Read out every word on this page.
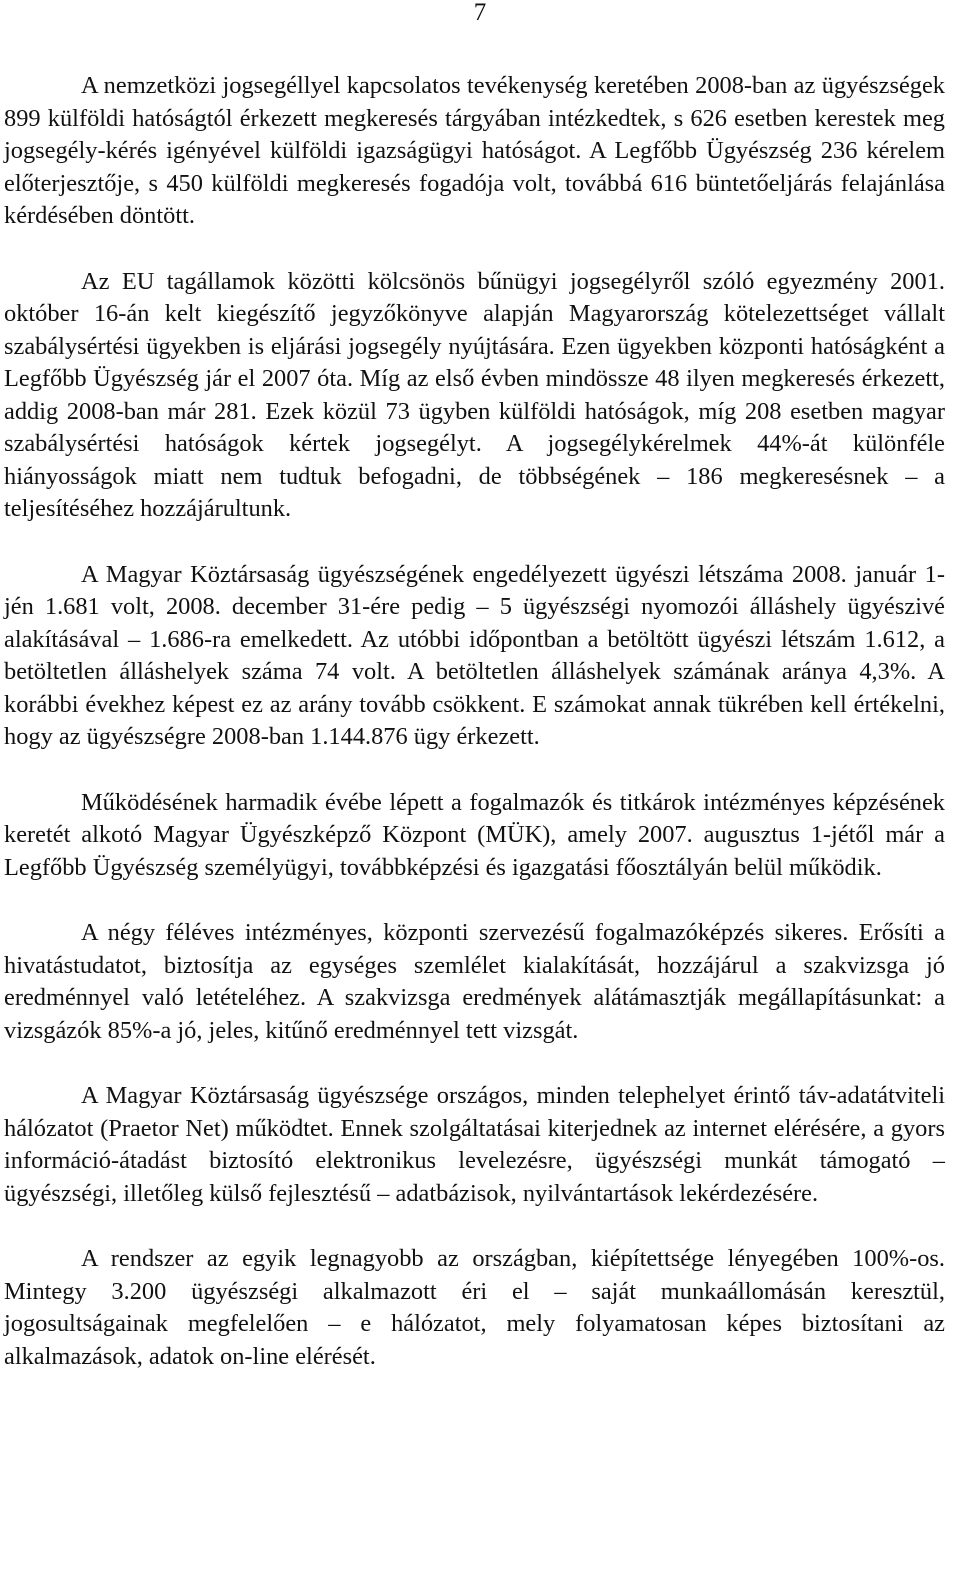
7

A nemzetközi jogsegéllyel kapcsolatos tevékenység keretében 2008-ban az ügyészségek 899 külföldi hatóságtól érkezett megkeresés tárgyában intézkedtek, s 626 esetben kerestek meg jogsegély-kérés igényével külföldi igazságügyi hatóságot. A Legfőbb Ügyészség 236 kérelem előterjesztője, s 450 külföldi megkeresés fogadója volt, továbbá 616 büntetőeljárás felajánlása kérdésében döntött.

Az EU tagállamok közötti kölcsönös bűnügyi jogsegélyről szóló egyezmény 2001. október 16-án kelt kiegészítő jegyzőkönyve alapján Magyarország kötelezettséget vállalt szabálysértési ügyekben is eljárási jogsegély nyújtására. Ezen ügyekben központi hatóságként a Legfőbb Ügyészség jár el 2007 óta. Míg az első évben mindössze 48 ilyen megkeresés érkezett, addig 2008-ban már 281. Ezek közül 73 ügyben külföldi hatóságok, míg 208 esetben magyar szabálysértési hatóságok kértek jogsegélyt. A jogsegélykérelmek 44%-át különféle hiányosságok miatt nem tudtuk befogadni, de többségének – 186 megkeresésnek – a teljesítéséhez hozzájárultunk.

A Magyar Köztársaság ügyészségének engedélyezett ügyészi létszáma 2008. január 1-jén 1.681 volt, 2008. december 31-ére pedig – 5 ügyészségi nyomozói álláshely ügyészivé alakításával – 1.686-ra emelkedett. Az utóbbi időpontban a betöltött ügyészi létszám 1.612, a betöltetlen álláshelyek száma 74 volt. A betöltetlen álláshelyek számának aránya 4,3%. A korábbi évekhez képest ez az arány tovább csökkent. E számokat annak tükrében kell értékelni, hogy az ügyészségre 2008-ban 1.144.876 ügy érkezett.

Működésének harmadik évébe lépett a fogalmazók és titkárok intézményes képzésének keretét alkotó Magyar Ügyészképző Központ (MÜK), amely 2007. augusztus 1-jétől már a Legfőbb Ügyészség személyügyi, továbbképzési és igazgatási főosztályán belül működik.

A négy féléves intézményes, központi szervezésű fogalmazóképzés sikeres. Erősíti a hivatástudatot, biztosítja az egységes szemlélet kialakítását, hozzájárul a szakvizsga jó eredménnyel való letételéhez. A szakvizsga eredmények alátámasztják megállapításunkat: a vizsgázók 85%-a jó, jeles, kitűnő eredménnyel tett vizsgát.

A Magyar Köztársaság ügyészsége országos, minden telephelyet érintő táv-adatátviteli hálózatot (Praetor Net) működtet. Ennek szolgáltatásai kiterjednek az internet elérésére, a gyors információ-átadást biztosító elektronikus levelezésre, ügyészségi munkát támogató – ügyészségi, illetőleg külső fejlesztésű – adatbázisok, nyilvántartások lekérdezésére.

A rendszer az egyik legnagyobb az országban, kiépítettsége lényegében 100%-os. Mintegy 3.200 ügyészségi alkalmazott éri el – saját munkaállomásán keresztül, jogosultságainak megfelelően – e hálózatot, mely folyamatosan képes biztosítani az alkalmazások, adatok on-line elérését.
